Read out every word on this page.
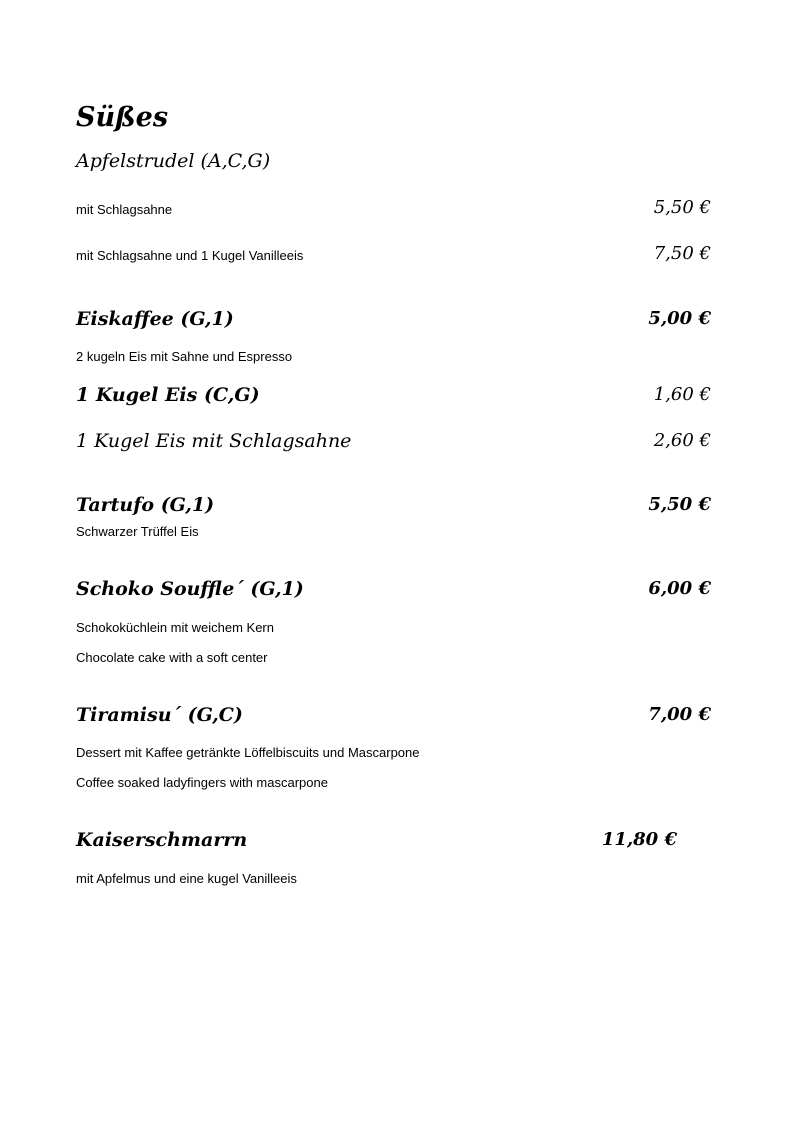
Süßes
Apfelstrudel (A,C,G)
mit Schlagsahne	5,50 €
mit Schlagsahne und 1 Kugel Vanilleeis	7,50 €
Eiskaffee (G,1)	5,00 €
2 kugeln Eis mit Sahne und Espresso
1 Kugel Eis (C,G)	1,60 €
1 Kugel Eis mit Schlagsahne	2,60 €
Tartufo (G,1)	5,50 €
Schwarzer Trüffel Eis
Schoko Souffle´ (G,1)	6,00 €
Schokoküchlein mit weichem Kern
Chocolate cake with a soft center
Tiramisu´ (G,C)	7,00 €
Dessert mit Kaffee getränkte Löffelbiscuits und Mascarpone
Coffee soaked ladyfingers with mascarpone
Kaiserschmarrn	11,80 €
mit Apfelmus und eine kugel Vanilleeis
